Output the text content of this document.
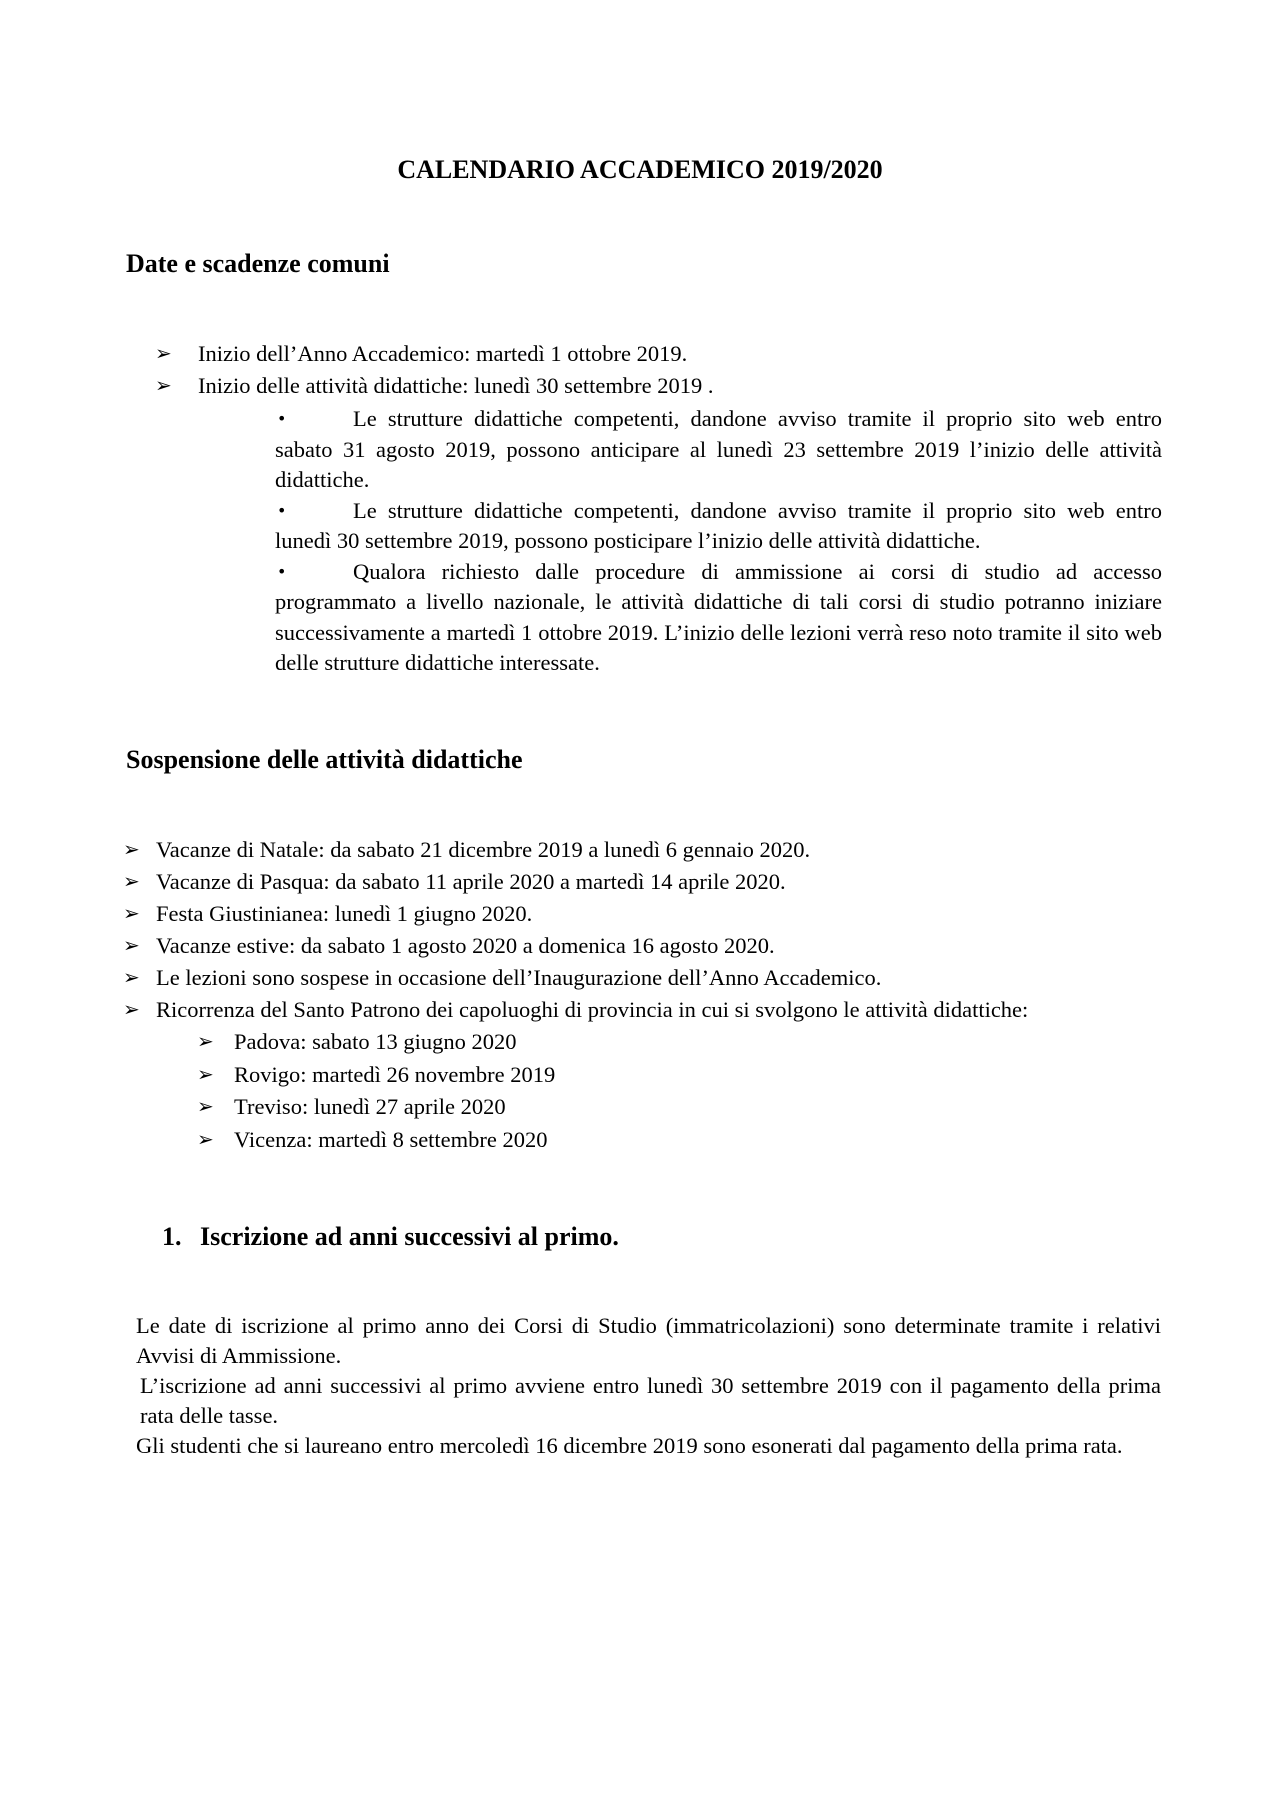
CALENDARIO ACCADEMICO 2019/2020
Date e scadenze comuni
➢ Inizio dell’Anno Accademico: martedì 1 ottobre 2019.
➢ Inizio delle attività didattiche: lunedì 30 settembre 2019 .
•	Le strutture didattiche competenti, dandone avviso tramite il proprio sito web entro sabato 31 agosto 2019, possono anticipare al lunedì 23 settembre 2019 l’inizio delle attività didattiche.
•	Le strutture didattiche competenti, dandone avviso tramite il proprio sito web entro lunedì 30 settembre 2019, possono posticipare l’inizio delle attività didattiche.
•	Qualora richiesto dalle procedure di ammissione ai corsi di studio ad accesso programmato a livello nazionale, le attività didattiche di tali corsi di studio potranno iniziare successivamente a martedì 1 ottobre 2019. L’inizio delle lezioni verrà reso noto tramite il sito web delle strutture didattiche interessate.
Sospensione delle attività didattiche
➢ Vacanze di Natale: da sabato 21 dicembre 2019 a lunedì 6 gennaio 2020.
➢ Vacanze di Pasqua: da sabato 11 aprile 2020 a martedì 14 aprile 2020.
➢ Festa Giustinianea: lunedì 1 giugno 2020.
➢ Vacanze estive: da sabato 1 agosto 2020 a domenica 16 agosto 2020.
➢ Le lezioni sono sospese in occasione dell’Inaugurazione dell’Anno Accademico.
➢ Ricorrenza del Santo Patrono dei capoluoghi di provincia in cui si svolgono le attività didattiche:
➢ Padova: sabato 13 giugno 2020
➢ Rovigo: martedì 26 novembre 2019
➢ Treviso: lunedì 27 aprile 2020
➢ Vicenza: martedì 8 settembre 2020
1. Iscrizione ad anni successivi al primo.
Le date di iscrizione al primo anno dei Corsi di Studio (immatricolazioni) sono determinate tramite i relativi Avvisi di Ammissione.
L’iscrizione ad anni successivi al primo avviene entro lunedì 30 settembre 2019 con il pagamento della prima rata delle tasse.
Gli studenti che si laureano entro mercoledì 16 dicembre 2019 sono esonerati dal pagamento della prima rata.
